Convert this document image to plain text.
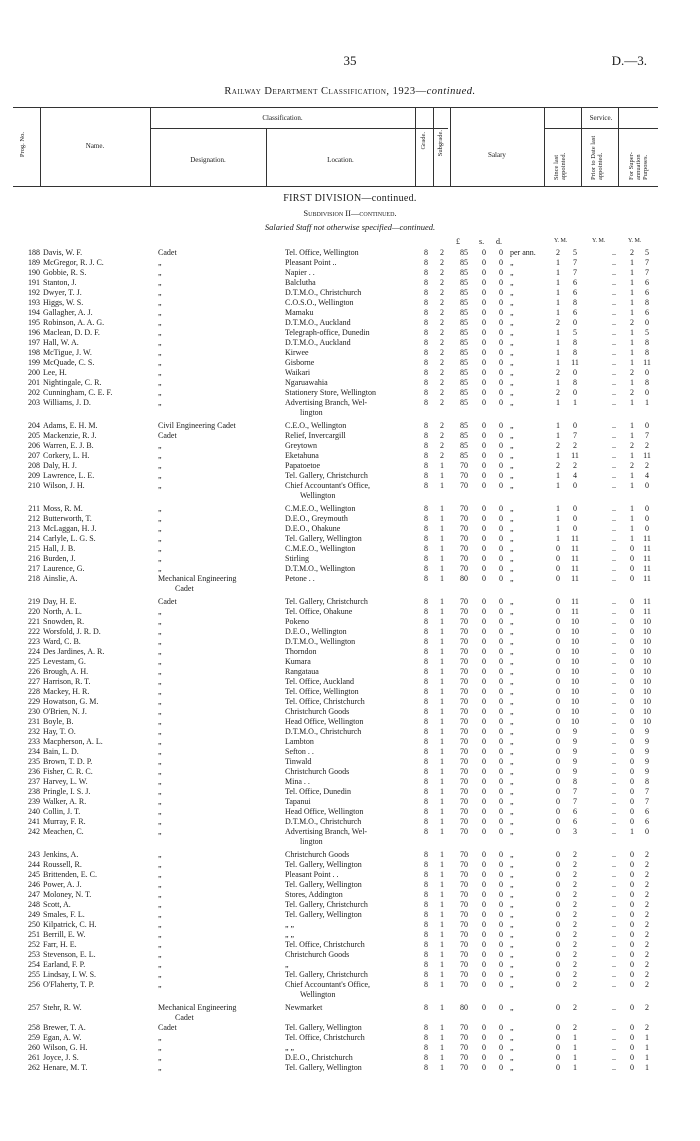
35	D.—3.
Railway Department Classification, 1923—continued.
Prog. No.	Name.
Classification.
Designation.	Location.
Grade. Subgrade.	Salary
Service.
Since last appointed.	Prior to Date last appointed.	For Super-annuation Purposes.
FIRST DIVISION—continued.
Subdivision II—continued.
Salaried Staff not otherwise specified—continued.
£ s. d.	Y. M.	Y. M.	Y. M.
188 Davis, W. F.	Cadet	Tel. Office, Wellington	8	2	85	0	0 per ann.	2	5	..	2	5
189 McGregor, R. J. C.	„	Pleasant Point ..	8	2	85	0	0 „	1	7	..	1	7
190 Gobbie, R. S.	„	Napier . .	8	2	85	0	0 „	1	7	..	1	7
191 Stanton, J.	„	Balclutha	8	2	85	0	0 „	1	6	..	1	6
192 Dwyer, T. J.	„	D.T.M.O., Christchurch	8	2	85	0	0 „	1	6	..	1	6
193 Higgs, W. S.	„	C.O.S.O., Wellington	8	2	85	0	0 „	1	8	..	1	8
194 Gallagher, A. J.	„	Mamaku	8	2	85	0	0 „	1	6	..	1	6
195 Robinson, A. A. G.	„	D.T.M.O., Auckland	8	2	85	0	0 „	2	0	..	2	0
196 Maclean, D. D. F.	„	Telegraph-office, Dunedin	8	2	85	0	0 „	1	5	..	1	5
197 Hall, W. A.	„	D.T.M.O., Auckland	8	2	85	0	0 „	1	8	..	1	8
198 McTigue, J. W.	„	Kirwee	8	2	85	0	0 „	1	8	..	1	8
199 McQuade, C. S.	„	Gisborne	8	2	85	0	0 „	1	11	..	1	11
200 Lee, H.	„	Waikari	8	2	85	0	0 „	2	0	..	2	0
201 Nightingale, C. R.	„	Ngaruawahia	8	2	85	0	0 „	1	8	..	1	8
202 Cunningham, C. E. F.	„	Stationery Store, Wellington	8	2	85	0	0 „	2	0	..	2	0
203 Williams, J. D.	„	Advertising Branch, Wel-	8	2	85	0	0 „	1	1	..	1	1
lington
204 Adams, E. H. M.	Civil Engineering Cadet	C.E.O., Wellington	8	2	85	0	0 „	1	0	..	1	0
205 Mackenzie, R. J.	Cadet	Relief, Invercargill	8	2	85	0	0 „	1	7	..	1	7
206 Warren, E. J. B.	„	Greytown	8	2	85	0	0 „	2	2	..	2	2
207 Corkery, L. H.	„	Eketahuna	8	2	85	0	0 „	1	11	..	1	11
208 Daly, H. J.	„	Papatoetoe	8	1	70	0	0 „	2	2	..	2	2
209 Lawrence, L. E.	„	Tel. Gallery, Christchurch	8	1	70	0	0 „	1	4	..	1	4
210 Wilson, J. H.	„	Chief Accountant's Office,	8	1	70	0	0 „	1	0	..	1	0
Wellington
211 Moss, R. M.	„	C.M.E.O., Wellington	8	1	70	0	0 „	1	0	..	1	0
212 Butterworth, T.	„	D.E.O., Greymouth	8	1	70	0	0 „	1	0	..	1	0
213 McLaggan, H. J.	„	D.E.O., Ohakune	8	1	70	0	0 „	1	0	..	1	0
214 Carlyle, L. G. S.	„	Tel. Gallery, Wellington	8	1	70	0	0 „	1	11	..	1	11
215 Hall, J. B.	„	C.M.E.O., Wellington	8	1	70	0	0 „	0	11	..	0	11
216 Burden, J.	„	Stirling	8	1	70	0	0 „	0	11	..	0	11
217 Laurence, G.	„	D.T.M.O., Wellington	8	1	70	0	0 „	0	11	..	0	11
218 Ainslie, A.	Mechanical Engineering	Petone . .	8	1	80	0	0 „	0	11	..	0	11
Cadet
219 Day, H. E.	Cadet	Tel. Gallery, Christchurch	8	1	70	0	0 „	0	11	..	0	11
220 North, A. L.	„	Tel. Office, Ohakune	8	1	70	0	0 „	0	11	..	0	11
221 Snowden, R.	„	Pokeno	8	1	70	0	0 „	0	10	..	0	10
222 Worsfold, J. R. D.	„	D.E.O., Wellington	8	1	70	0	0 „	0	10	..	0	10
223 Ward, C. B.	„	D.T.M.O., Wellington	8	1	70	0	0 „	0	10	..	0	10
224 Des Jardines, A. R.	„	Thorndon	8	1	70	0	0 „	0	10	..	0	10
225 Levestam, G.	„	Kumara	8	1	70	0	0 „	0	10	..	0	10
226 Brough, A. H.	„	Rangataua	8	1	70	0	0 „	0	10	..	0	10
227 Harrison, R. T.	„	Tel. Office, Auckland	8	1	70	0	0 „	0	10	..	0	10
228 Mackey, H. R.	„	Tel. Office, Wellington	8	1	70	0	0 „	0	10	..	0	10
229 Howatson, G. M.	„	Tel. Office, Christchurch	8	1	70	0	0 „	0	10	..	0	10
230 O'Brien, N. J.	„	Christchurch Goods	8	1	70	0	0 „	0	10	..	0	10
231 Boyle, B.	„	Head Office, Wellington	8	1	70	0	0 „	0	10	..	0	10
232 Hay, T. O.	„	D.T.M.O., Christchurch	8	1	70	0	0 „	0	9	..	0	9
233 Macpherson, A. L.	„	Lambton	8	1	70	0	0 „	0	9	..	0	9
234 Bain, L. D.	„	Sefton . .	8	1	70	0	0 „	0	9	..	0	9
235 Brown, T. D. P.	„	Tinwald	8	1	70	0	0 „	0	9	..	0	9
236 Fisher, C. R. C.	„	Christchurch Goods	8	1	70	0	0 „	0	9	..	0	9
237 Harvey, L. W.	„	Mina . .	8	1	70	0	0 „	0	8	..	0	8
238 Pringle, I. S. J.	„	Tel. Office, Dunedin	8	1	70	0	0 „	0	7	..	0	7
239 Walker, A. R.	„	Tapanui	8	1	70	0	0 „	0	7	..	0	7
240 Collin, J. T.	„	Head Office, Wellington	8	1	70	0	0 „	0	6	..	0	6
241 Murray, F. R.	„	D.T.M.O., Christchurch	8	1	70	0	0 „	0	6	..	0	6
242 Meachen, C.	„	Advertising Branch, Wel-	8	1	70	0	0 „	0	3	..	1	0
lington
243 Jenkins, A.	„	Christchurch Goods	8	1	70	0	0 „	0	2	..	0	2
244 Roussell, R.	„	Tel. Gallery, Wellington	8	1	70	0	0 „	0	2	..	0	2
245 Brittenden, E. C.	„	Pleasant Point . .	8	1	70	0	0 „	0	2	..	0	2
246 Power, A. J.	„	Tel. Gallery, Wellington	8	1	70	0	0 „	0	2	..	0	2
247 Moloney, N. T.	„	Stores, Addington	8	1	70	0	0 „	0	2	..	0	2
248 Scott, A.	„	Tel. Gallery, Christchurch	8	1	70	0	0 „	0	2	..	0	2
249 Smales, F. L.	„	Tel. Gallery, Wellington	8	1	70	0	0 „	0	2	..	0	2
250 Kilpatrick, C. H.	„	„ „	8	1	70	0	0 „	0	2	..	0	2
251 Berrill, E. W.	„	„ „	8	1	70	0	0 „	0	2	..	0	2
252 Farr, H. E.	„	Tel. Office, Christchurch	8	1	70	0	0 „	0	2	..	0	2
253 Stevenson, E. L.	„	Christchurch Goods	8	1	70	0	0 „	0	2	..	0	2
254 Earland, F. P.	„	„	8	1	70	0	0 „	0	2	..	0	2
255 Lindsay, I. W. S.	„	Tel. Gallery, Christchurch	8	1	70	0	0 „	0	2	..	0	2
256 O'Flaherty, T. P.	„	Chief Accountant's Office,	8	1	70	0	0 „	0	2	..	0	2
Wellington
257 Stehr, R. W.	Mechanical Engineering	Newmarket	8	1	80	0	0 „	0	2	..	0	2
Cadet
258 Brewer, T. A.	Cadet	Tel. Gallery, Wellington	8	1	70	0	0 „	0	2	..	0	2
259 Egan, A. W.	„	Tel. Office, Christchurch	8	1	70	0	0 „	0	1	..	0	1
260 Wilson, G. H.	„	„ „	8	1	70	0	0 „	0	1	..	0	1
261 Joyce, J. S.	„	D.E.O., Christchurch	8	1	70	0	0 „	0	1	..	0	1
262 Henare, M. T.	„	Tel. Gallery, Wellington	8	1	70	0	0 „	0	1	..	0	1
